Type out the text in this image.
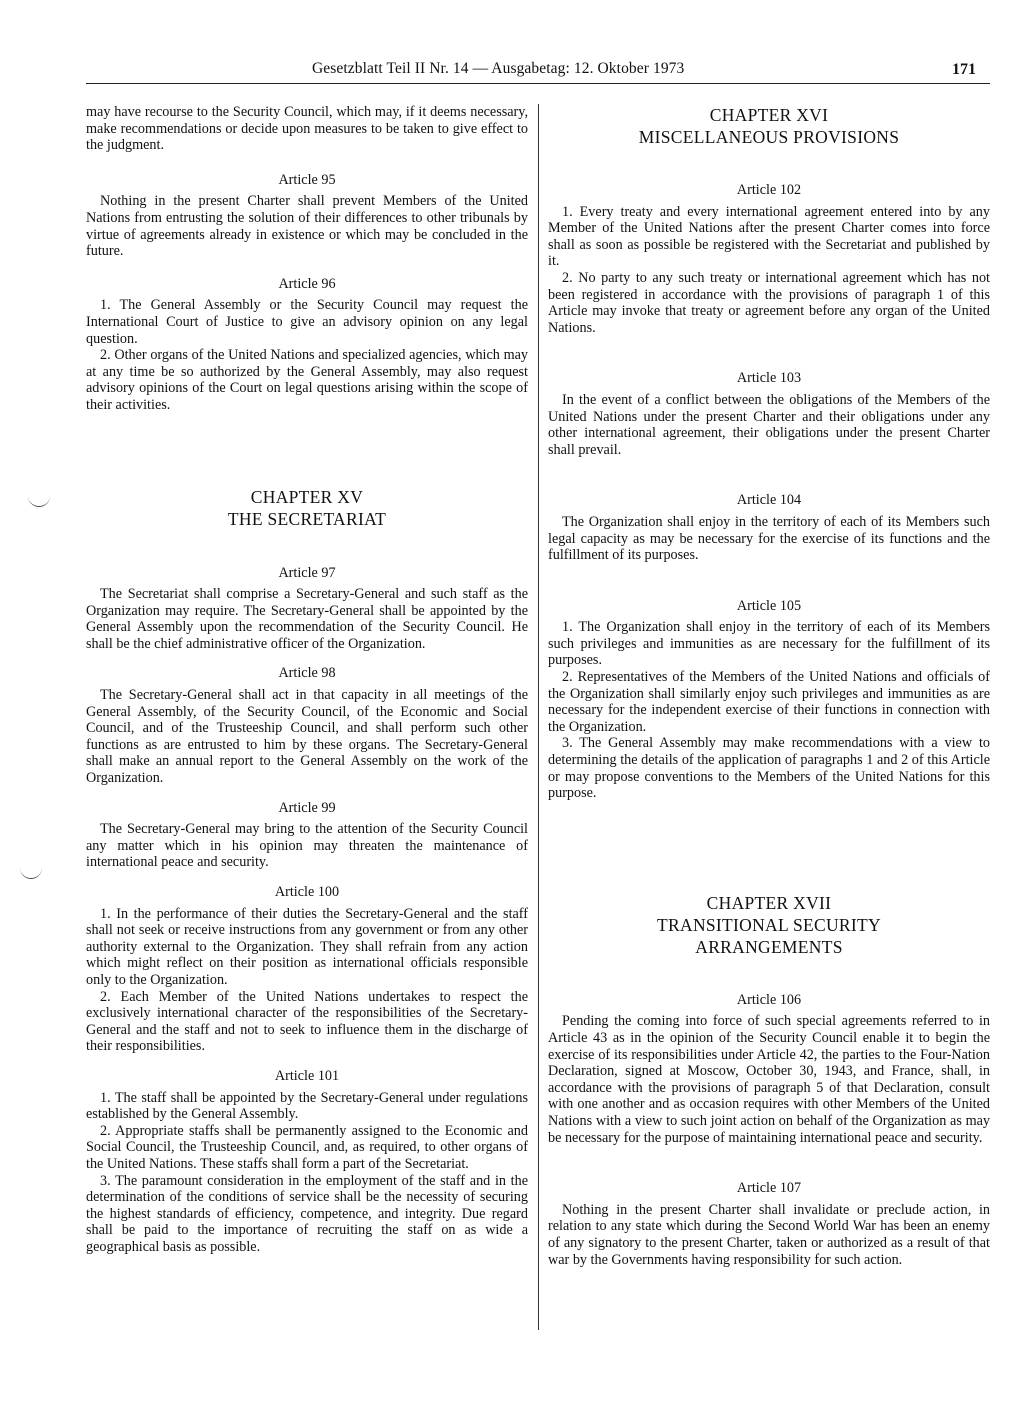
Gesetzblatt Teil II Nr. 14 — Ausgabetag: 12. Oktober 1973	171

may have recourse to the Security Council, which may, if it deems necessary, make recommendations or decide upon measures to be taken to give effect to the judgment.

Article 95

Nothing in the present Charter shall prevent Members of the United Nations from entrusting the solution of their differences to other tribunals by virtue of agreements already in existence or which may be concluded in the future.

Article 96

1. The General Assembly or the Security Council may request the International Court of Justice to give an advisory opinion on any legal question.

2. Other organs of the United Nations and specialized agencies, which may at any time be so authorized by the General Assembly, may also request advisory opinions of the Court on legal questions arising within the scope of their activities.

CHAPTER XV

THE SECRETARIAT

Article 97

The Secretariat shall comprise a Secretary-General and such staff as the Organization may require. The Secretary-General shall be appointed by the General Assembly upon the recommendation of the Security Council. He shall be the chief administrative officer of the Organization.

Article 98

The Secretary-General shall act in that capacity in all meetings of the General Assembly, of the Security Council, of the Economic and Social Council, and of the Trusteeship Council, and shall perform such other functions as are entrusted to him by these organs. The Secretary-General shall make an annual report to the General Assembly on the work of the Organization.

Article 99

The Secretary-General may bring to the attention of the Security Council any matter which in his opinion may threaten the maintenance of international peace and security.

Article 100

1. In the performance of their duties the Secretary-General and the staff shall not seek or receive instructions from any government or from any other authority external to the Organization. They shall refrain from any action which might reflect on their position as international officials responsible only to the Organization.

2. Each Member of the United Nations undertakes to respect the exclusively international character of the responsibilities of the Secretary-General and the staff and not to seek to influence them in the discharge of their responsibilities.

Article 101

1. The staff shall be appointed by the Secretary-General under regulations established by the General Assembly.

2. Appropriate staffs shall be permanently assigned to the Economic and Social Council, the Trusteeship Council, and, as required, to other organs of the United Nations. These staffs shall form a part of the Secretariat.

3. The paramount consideration in the employment of the staff and in the determination of the conditions of service shall be the necessity of securing the highest standards of efficiency, competence, and integrity. Due regard shall be paid to the importance of recruiting the staff on as wide a geographical basis as possible.

CHAPTER XVI

MISCELLANEOUS PROVISIONS

Article 102

1. Every treaty and every international agreement entered into by any Member of the United Nations after the present Charter comes into force shall as soon as possible be registered with the Secretariat and published by it.

2. No party to any such treaty or international agreement which has not been registered in accordance with the provisions of paragraph 1 of this Article may invoke that treaty or agreement before any organ of the United Nations.

Article 103

In the event of a conflict between the obligations of the Members of the United Nations under the present Charter and their obligations under any other international agreement, their obligations under the present Charter shall prevail.

Article 104

The Organization shall enjoy in the territory of each of its Members such legal capacity as may be necessary for the exercise of its functions and the fulfillment of its purposes.

Article 105

1. The Organization shall enjoy in the territory of each of its Members such privileges and immunities as are necessary for the fulfillment of its purposes.

2. Representatives of the Members of the United Nations and officials of the Organization shall similarly enjoy such privileges and immunities as are necessary for the independent exercise of their functions in connection with the Organization.

3. The General Assembly may make recommendations with a view to determining the details of the application of paragraphs 1 and 2 of this Article or may propose conventions to the Members of the United Nations for this purpose.

CHAPTER XVII

TRANSITIONAL SECURITY

ARRANGEMENTS

Article 106

Pending the coming into force of such special agreements referred to in Article 43 as in the opinion of the Security Council enable it to begin the exercise of its responsibilities under Article 42, the parties to the Four-Nation Declaration, signed at Moscow, October 30, 1943, and France, shall, in accordance with the provisions of paragraph 5 of that Declaration, consult with one another and as occasion requires with other Members of the United Nations with a view to such joint action on behalf of the Organization as may be necessary for the purpose of maintaining international peace and security.

Article 107

Nothing in the present Charter shall invalidate or preclude action, in relation to any state which during the Second World War has been an enemy of any signatory to the present Charter, taken or authorized as a result of that war by the Governments having responsibility for such action.
